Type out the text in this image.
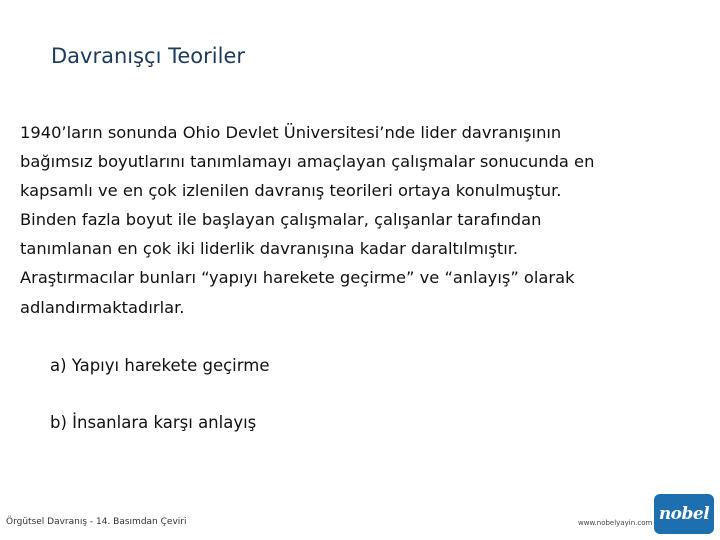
Davranışçı Teoriler
1940’ların sonunda Ohio Devlet Üniversitesi’nde lider davranışının
bağımsız boyutlarını tanımlamayı amaçlayan çalışmalar sonucunda en
kapsamlı ve en çok izlenilen davranış teorileri ortaya konulmuştur.
Binden fazla boyut ile başlayan çalışmalar, çalışanlar tarafından
tanımlanan en çok iki liderlik davranışına kadar daraltılmıştır.
Araştırmacılar bunları “yapıyı harekete geçirme” ve “anlayış” olarak
adlandırmaktadırlar.
a) Yapıyı harekete geçirme
b) İnsanlara karşı anlayış
Örgütsel Davranış - 14. Basımdan Çeviri	www.nobelyayin.com nobel
